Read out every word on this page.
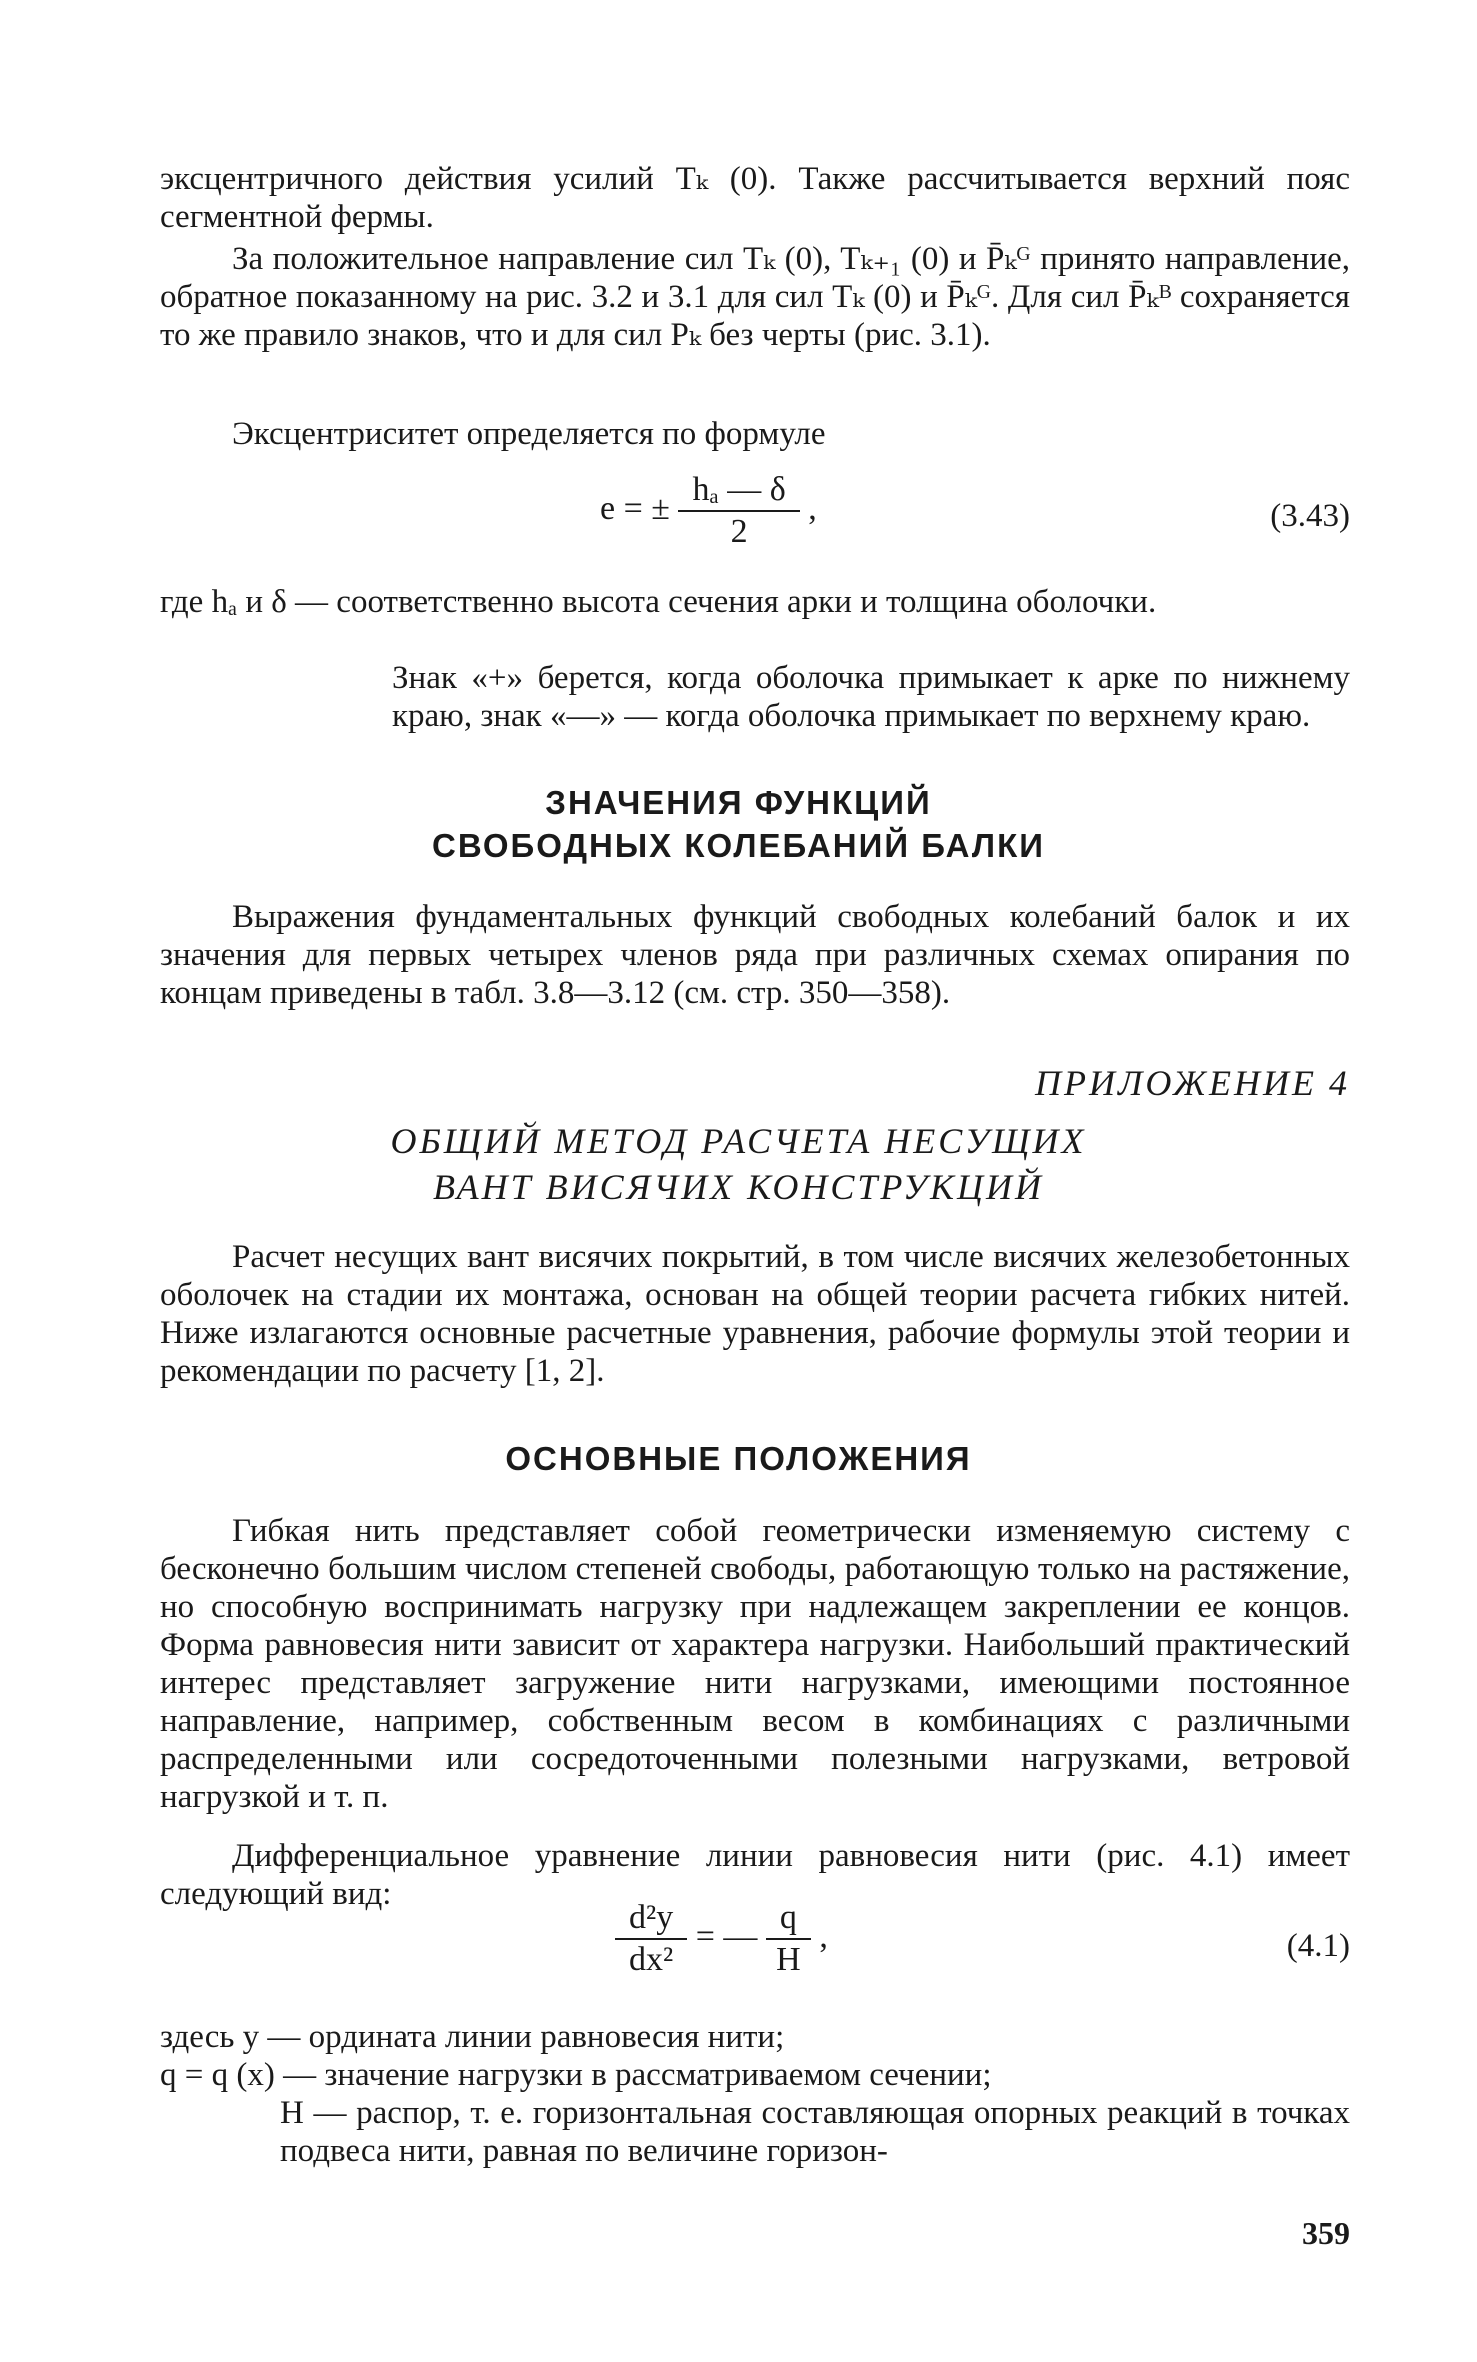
эксцентричного действия усилий Tₖ (0). Также рассчитывается верхний пояс сегментной фермы.
За положительное направление сил Tₖ (0), Tₖ₊₁ (0) и P̄ₖᴳ принято направление, обратное показанному на рис. 3.2 и 3.1 для сил Tₖ (0) и P̄ₖᴳ. Для сил P̄ₖᴮ сохраняется то же правило знаков, что и для сил Pₖ без черты (рис. 3.1).
Эксцентриситет определяется по формуле
e = ± $\frac{\text{hₐ — δ}}{2}$ ,	(3.43)
где hₐ и δ — соответственно высота сечения арки и толщина оболочки.
Знак «+» берется, когда оболочка примыкает к арке по нижнему краю, знак «—» — когда оболочка примыкает по верхнему краю.
ЗНАЧЕНИЯ ФУНКЦИЙ
СВОБОДНЫХ КОЛЕБАНИЙ БАЛКИ
Выражения фундаментальных функций свободных колебаний балок и их значения для первых четырех членов ряда при различных схемах опирания по концам приведены в табл. 3.8—3.12 (см. стр. 350—358).
ПРИЛОЖЕНИЕ 4
ОБЩИЙ МЕТОД РАСЧЕТА НЕСУЩИХ
ВАНТ ВИСЯЧИХ КОНСТРУКЦИЙ
Расчет несущих вант висячих покрытий, в том числе висячих железобетонных оболочек на стадии их монтажа, основан на общей теории расчета гибких нитей. Ниже излагаются основные расчетные уравнения, рабочие формулы этой теории и рекомендации по расчету [1, 2].
ОСНОВНЫЕ ПОЛОЖЕНИЯ
Гибкая нить представляет собой геометрически изменяемую систему с бесконечно большим числом степеней свободы, работающую только на растяжение, но способную воспринимать нагрузку при надлежащем закреплении ее концов. Форма равновесия нити зависит от характера нагрузки. Наибольший практический интерес представляет загружение нити нагрузками, имеющими постоянное направление, например, собственным весом в комбинациях с различными распределенными или сосредоточенными полезными нагрузками, ветровой нагрузкой и т. п.
Дифференциальное уравнение линии равновесия нити (рис. 4.1) имеет следующий вид:
$\frac{\text{d²y}}{\text{dx²}}$ = — $\frac{q}{H}$ ,	(4.1)
здесь y — ордината линии равновесия нити;
q = q (x) — значение нагрузки в рассматриваемом сечении;
H — распор, т. е. горизонтальная составляющая опорных реакций в точках подвеса нити, равная по величине горизон-
359
